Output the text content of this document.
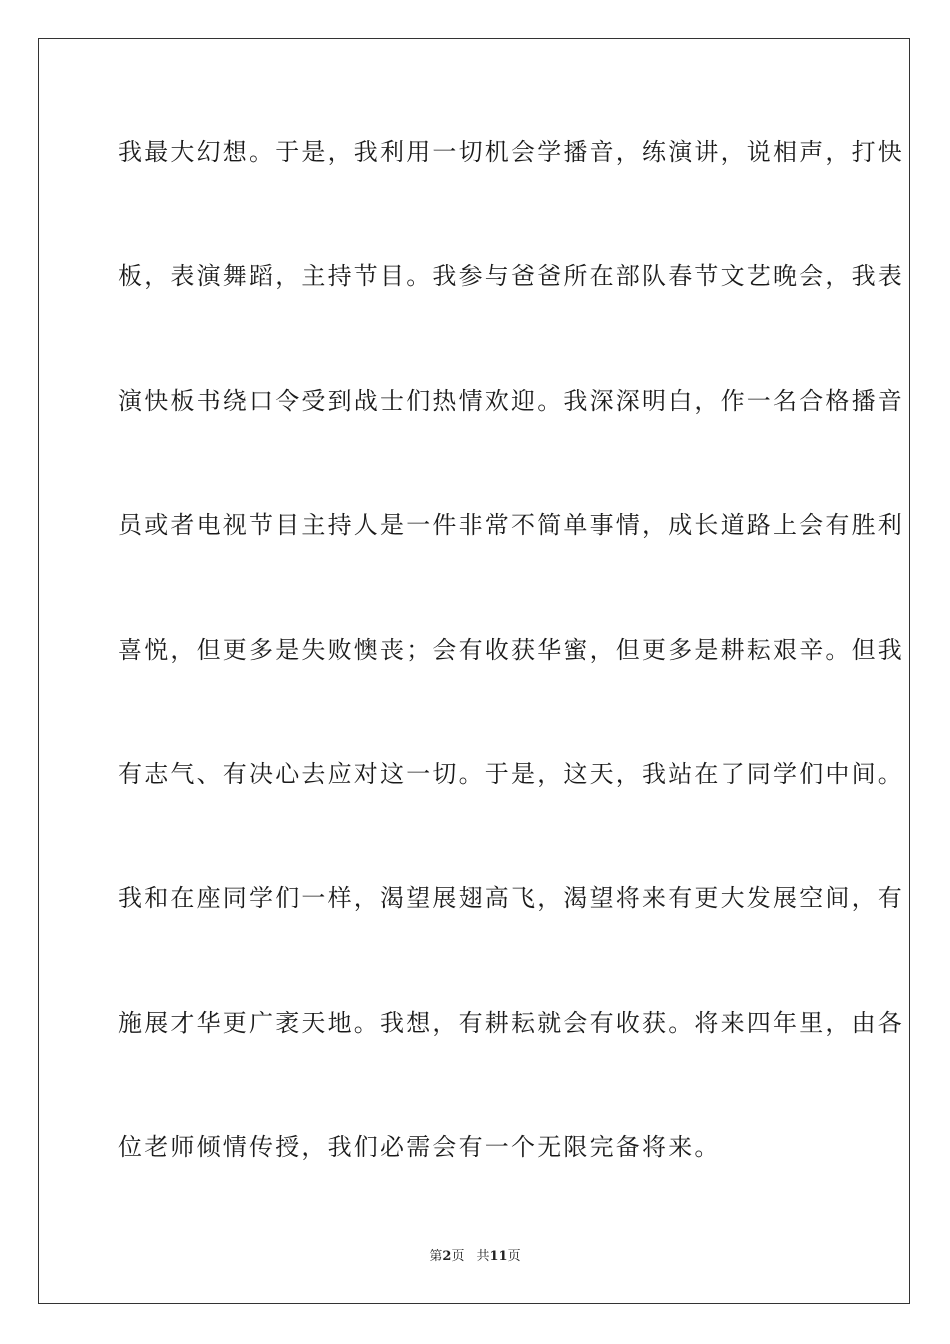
我最大幻想。于是，我利用一切机会学播音，练演讲，说相声，打快
板，表演舞蹈，主持节目。我参与爸爸所在部队春节文艺晚会，我表
演快板书绕口令受到战士们热情欢迎。我深深明白，作一名合格播音
员或者电视节目主持人是一件非常不简单事情，成长道路上会有胜利
喜悦，但更多是失败懊丧；会有收获华蜜，但更多是耕耘艰辛。但我
有志气、有决心去应对这一切。于是，这天，我站在了同学们中间。
我和在座同学们一样，渴望展翅高飞，渴望将来有更大发展空间，有
施展才华更广袤天地。我想，有耕耘就会有收获。将来四年里，由各
位老师倾情传授，我们必需会有一个无限完备将来。
第2页 共11页
